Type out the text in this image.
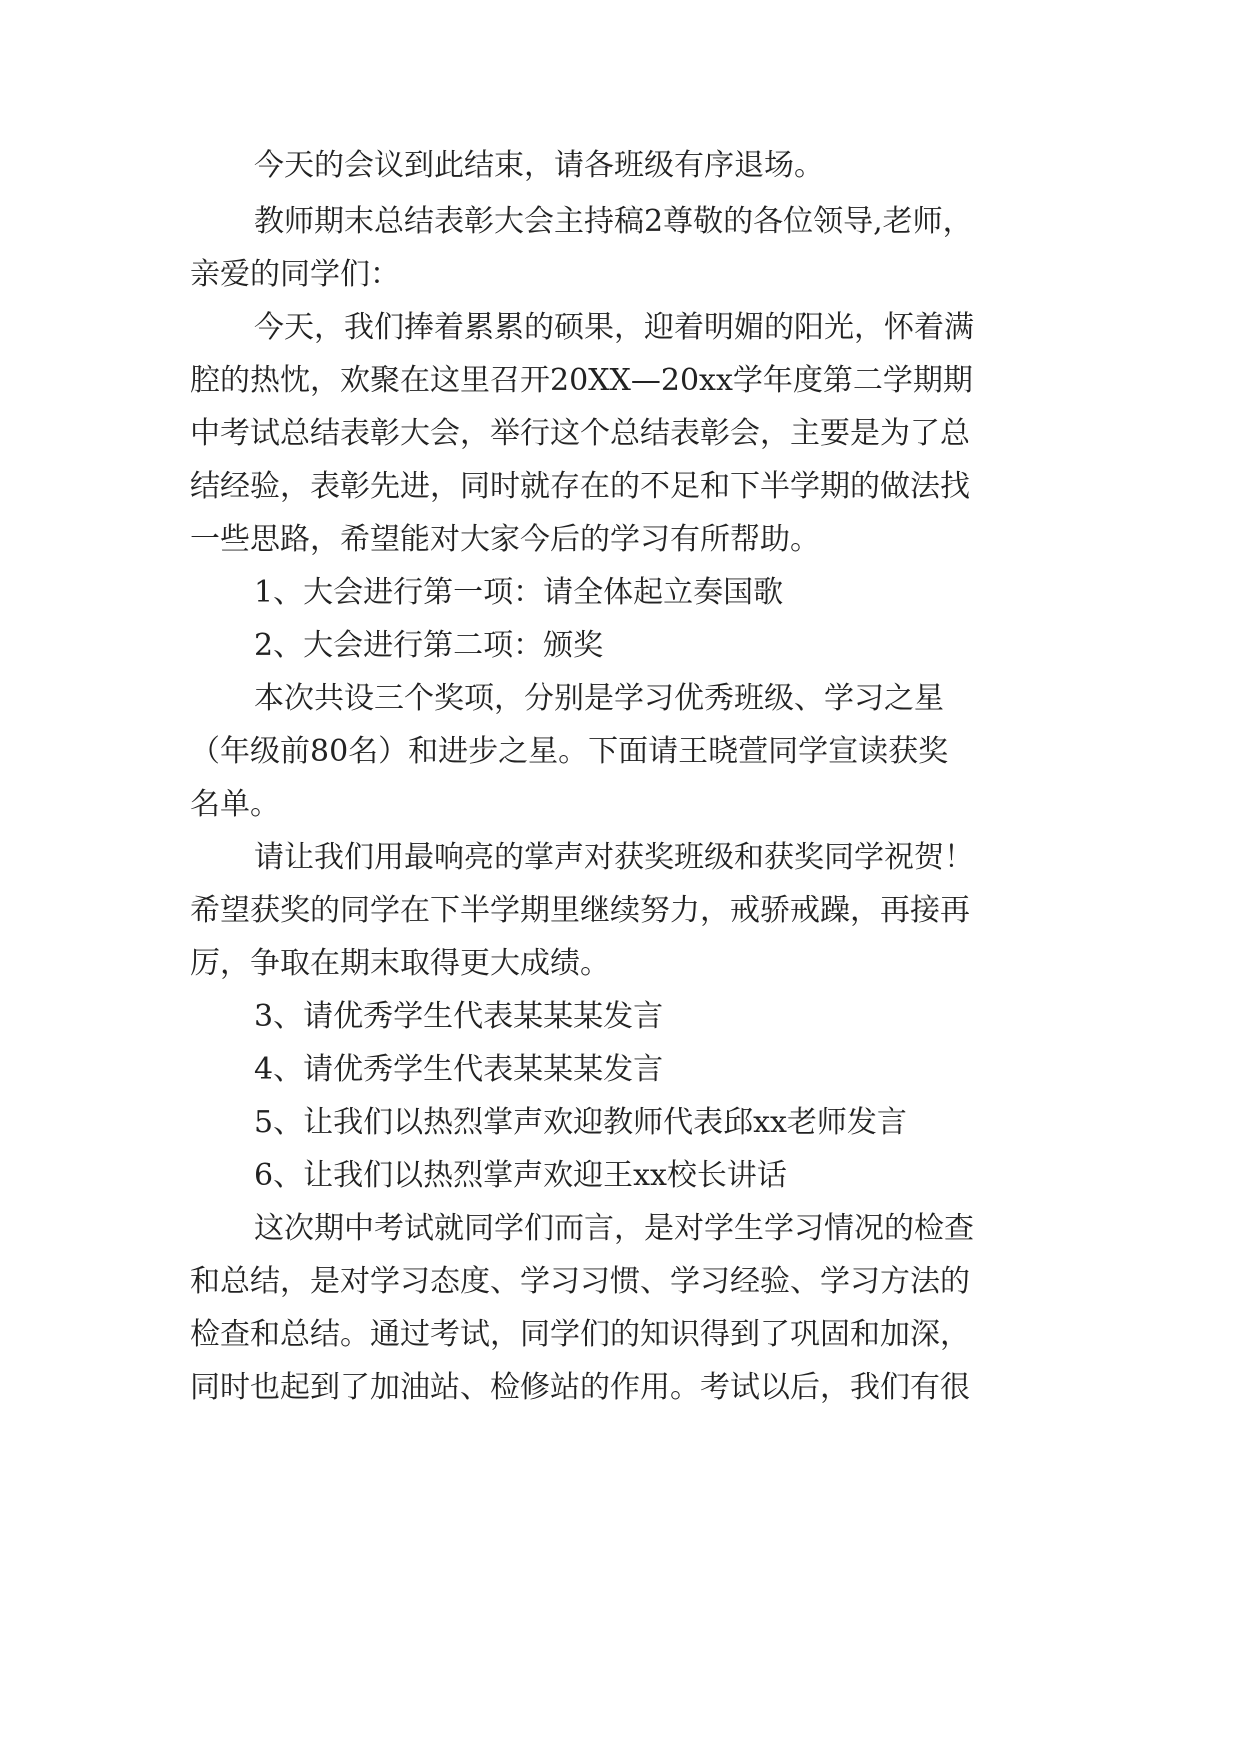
今天的会议到此结束，请各班级有序退场。
教师期末总结表彰大会主持稿2尊敬的各位领导,老师，
亲爱的同学们：
今天，我们捧着累累的硕果，迎着明媚的阳光，怀着满
腔的热忱，欢聚在这里召开20XX—20xx学年度第二学期期
中考试总结表彰大会，举行这个总结表彰会，主要是为了总
结经验，表彰先进，同时就存在的不足和下半学期的做法找
一些思路，希望能对大家今后的学习有所帮助。
1、大会进行第一项：请全体起立奏国歌
2、大会进行第二项：颁奖
本次共设三个奖项，分别是学习优秀班级、学习之星
（年级前80名）和进步之星。下面请王晓萱同学宣读获奖
名单。
请让我们用最响亮的掌声对获奖班级和获奖同学祝贺！
希望获奖的同学在下半学期里继续努力，戒骄戒躁，再接再
厉，争取在期末取得更大成绩。
3、请优秀学生代表某某某发言
4、请优秀学生代表某某某发言
5、让我们以热烈掌声欢迎教师代表邱xx老师发言
6、让我们以热烈掌声欢迎王xx校长讲话
这次期中考试就同学们而言，是对学生学习情况的检查
和总结，是对学习态度、学习习惯、学习经验、学习方法的
检查和总结。通过考试，同学们的知识得到了巩固和加深，
同时也起到了加油站、检修站的作用。考试以后，我们有很
